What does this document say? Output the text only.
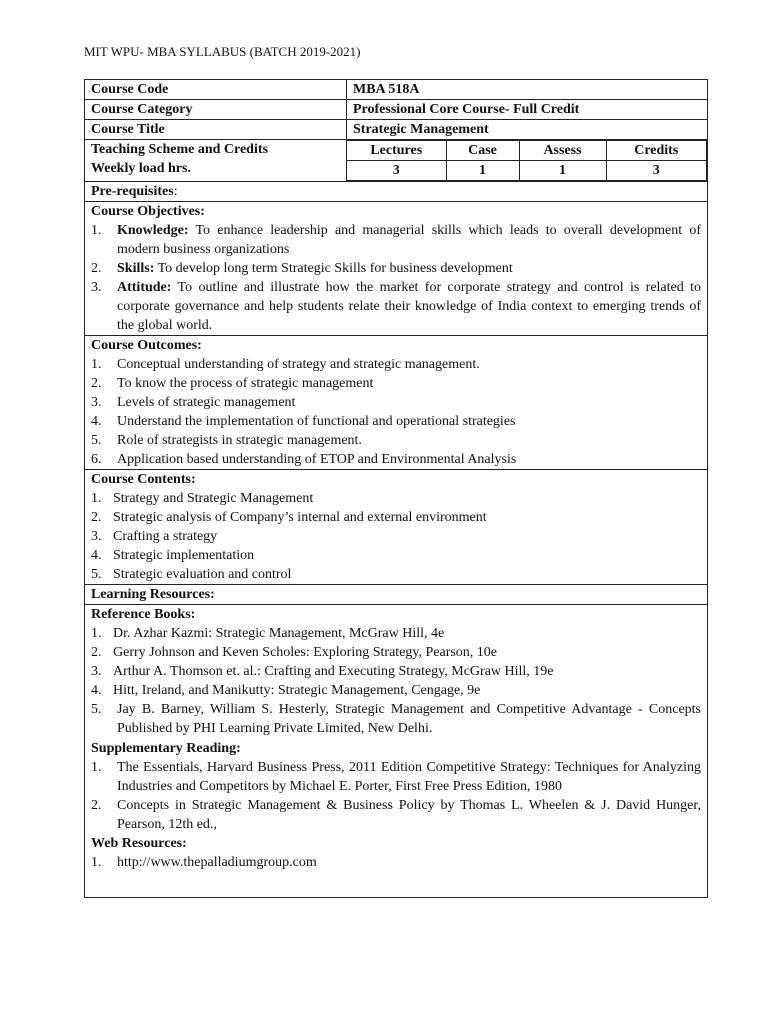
MIT WPU- MBA SYLLABUS (BATCH 2019-2021)
Course Code	MBA 518A
Course Category	Professional Core Course- Full Credit
Course Title	Strategic Management

Teaching Scheme and Credits
Weekly load hrs.

Lectures	Case	Assess	Credits
3	1	1	3

Pre-requisites:

Course Objectives:
1. Knowledge: To enhance leadership and managerial skills which leads to overall development of modern business organizations
2. Skills: To develop long term Strategic Skills for business development
3. Attitude: To outline and illustrate how the market for corporate strategy and control is related to corporate governance and help students relate their knowledge of India context to emerging trends of the global world.

Course Outcomes:
1. Conceptual understanding of strategy and strategic management.
2. To know the process of strategic management
3. Levels of strategic management
4. Understand the implementation of functional and operational strategies
5. Role of strategists in strategic management.
6. Application based understanding of ETOP and Environmental Analysis

Course Contents:
1. Strategy and Strategic Management
2. Strategic analysis of Company’s internal and external environment
3. Crafting a strategy
4. Strategic implementation
5. Strategic evaluation and control

Learning Resources:

Reference Books:
1. Dr. Azhar Kazmi: Strategic Management, McGraw Hill, 4e
2. Gerry Johnson and Keven Scholes: Exploring Strategy, Pearson, 10e
3. Arthur A. Thomson et. al.: Crafting and Executing Strategy, McGraw Hill, 19e
4. Hitt, Ireland, and Manikutty: Strategic Management, Cengage, 9e
5. Jay B. Barney, William S. Hesterly, Strategic Management and Competitive Advantage - Concepts Published by PHI Learning Private Limited, New Delhi.
Supplementary Reading:
1. The Essentials, Harvard Business Press, 2011 Edition Competitive Strategy: Techniques for Analyzing Industries and Competitors by Michael E. Porter, First Free Press Edition, 1980
2. Concepts in Strategic Management & Business Policy by Thomas L. Wheelen & J. David Hunger, Pearson, 12th ed.,
Web Resources:
1. http://www.thepalladiumgroup.com
